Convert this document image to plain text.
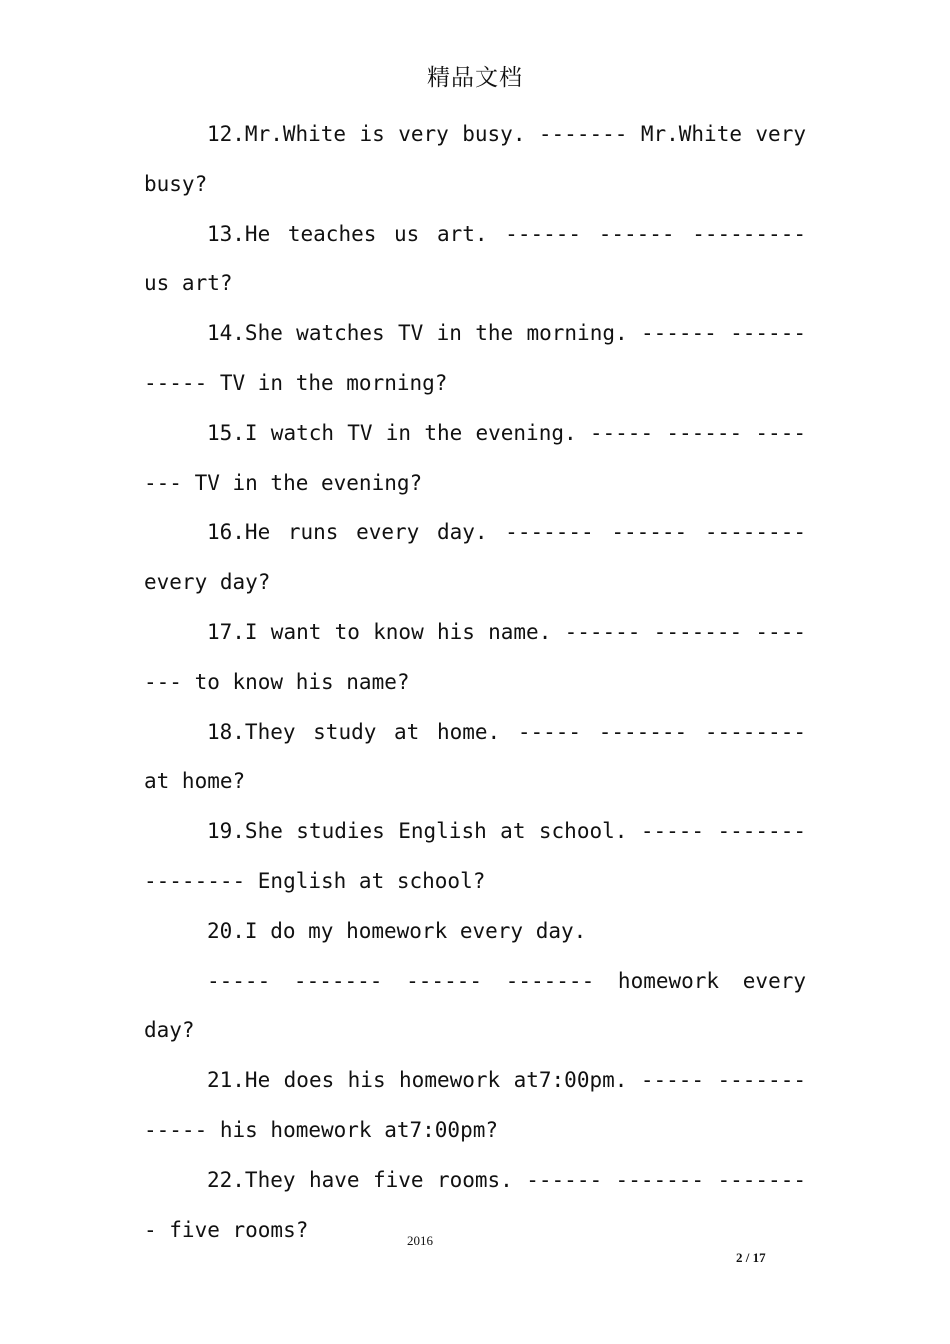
精品文档

12.Mr.White is very busy. ------- Mr.White very busy?

13.He teaches us art. ------ ------ --------- us art?

14.She watches TV in the morning. ------ ----------- TV in the morning?

15.I watch TV in the evening. ----- ------ ------- TV in the evening?

16.He runs every day. ------- ------ -------- every day?

17.I want to know his name. ------ ------- ------- to know his name?

18.They study at home. ----- ------- -------- at home?

19.She studies English at school. ----- --------------- English at school?

20.I do my homework every day.

----- ------- ------ ------- homework every day?

21.He does his homework at7:00pm. ----- ------------ his homework at7:00pm?

22.They have five rooms. ------ ------- -------- five rooms?	2016
2 / 17
